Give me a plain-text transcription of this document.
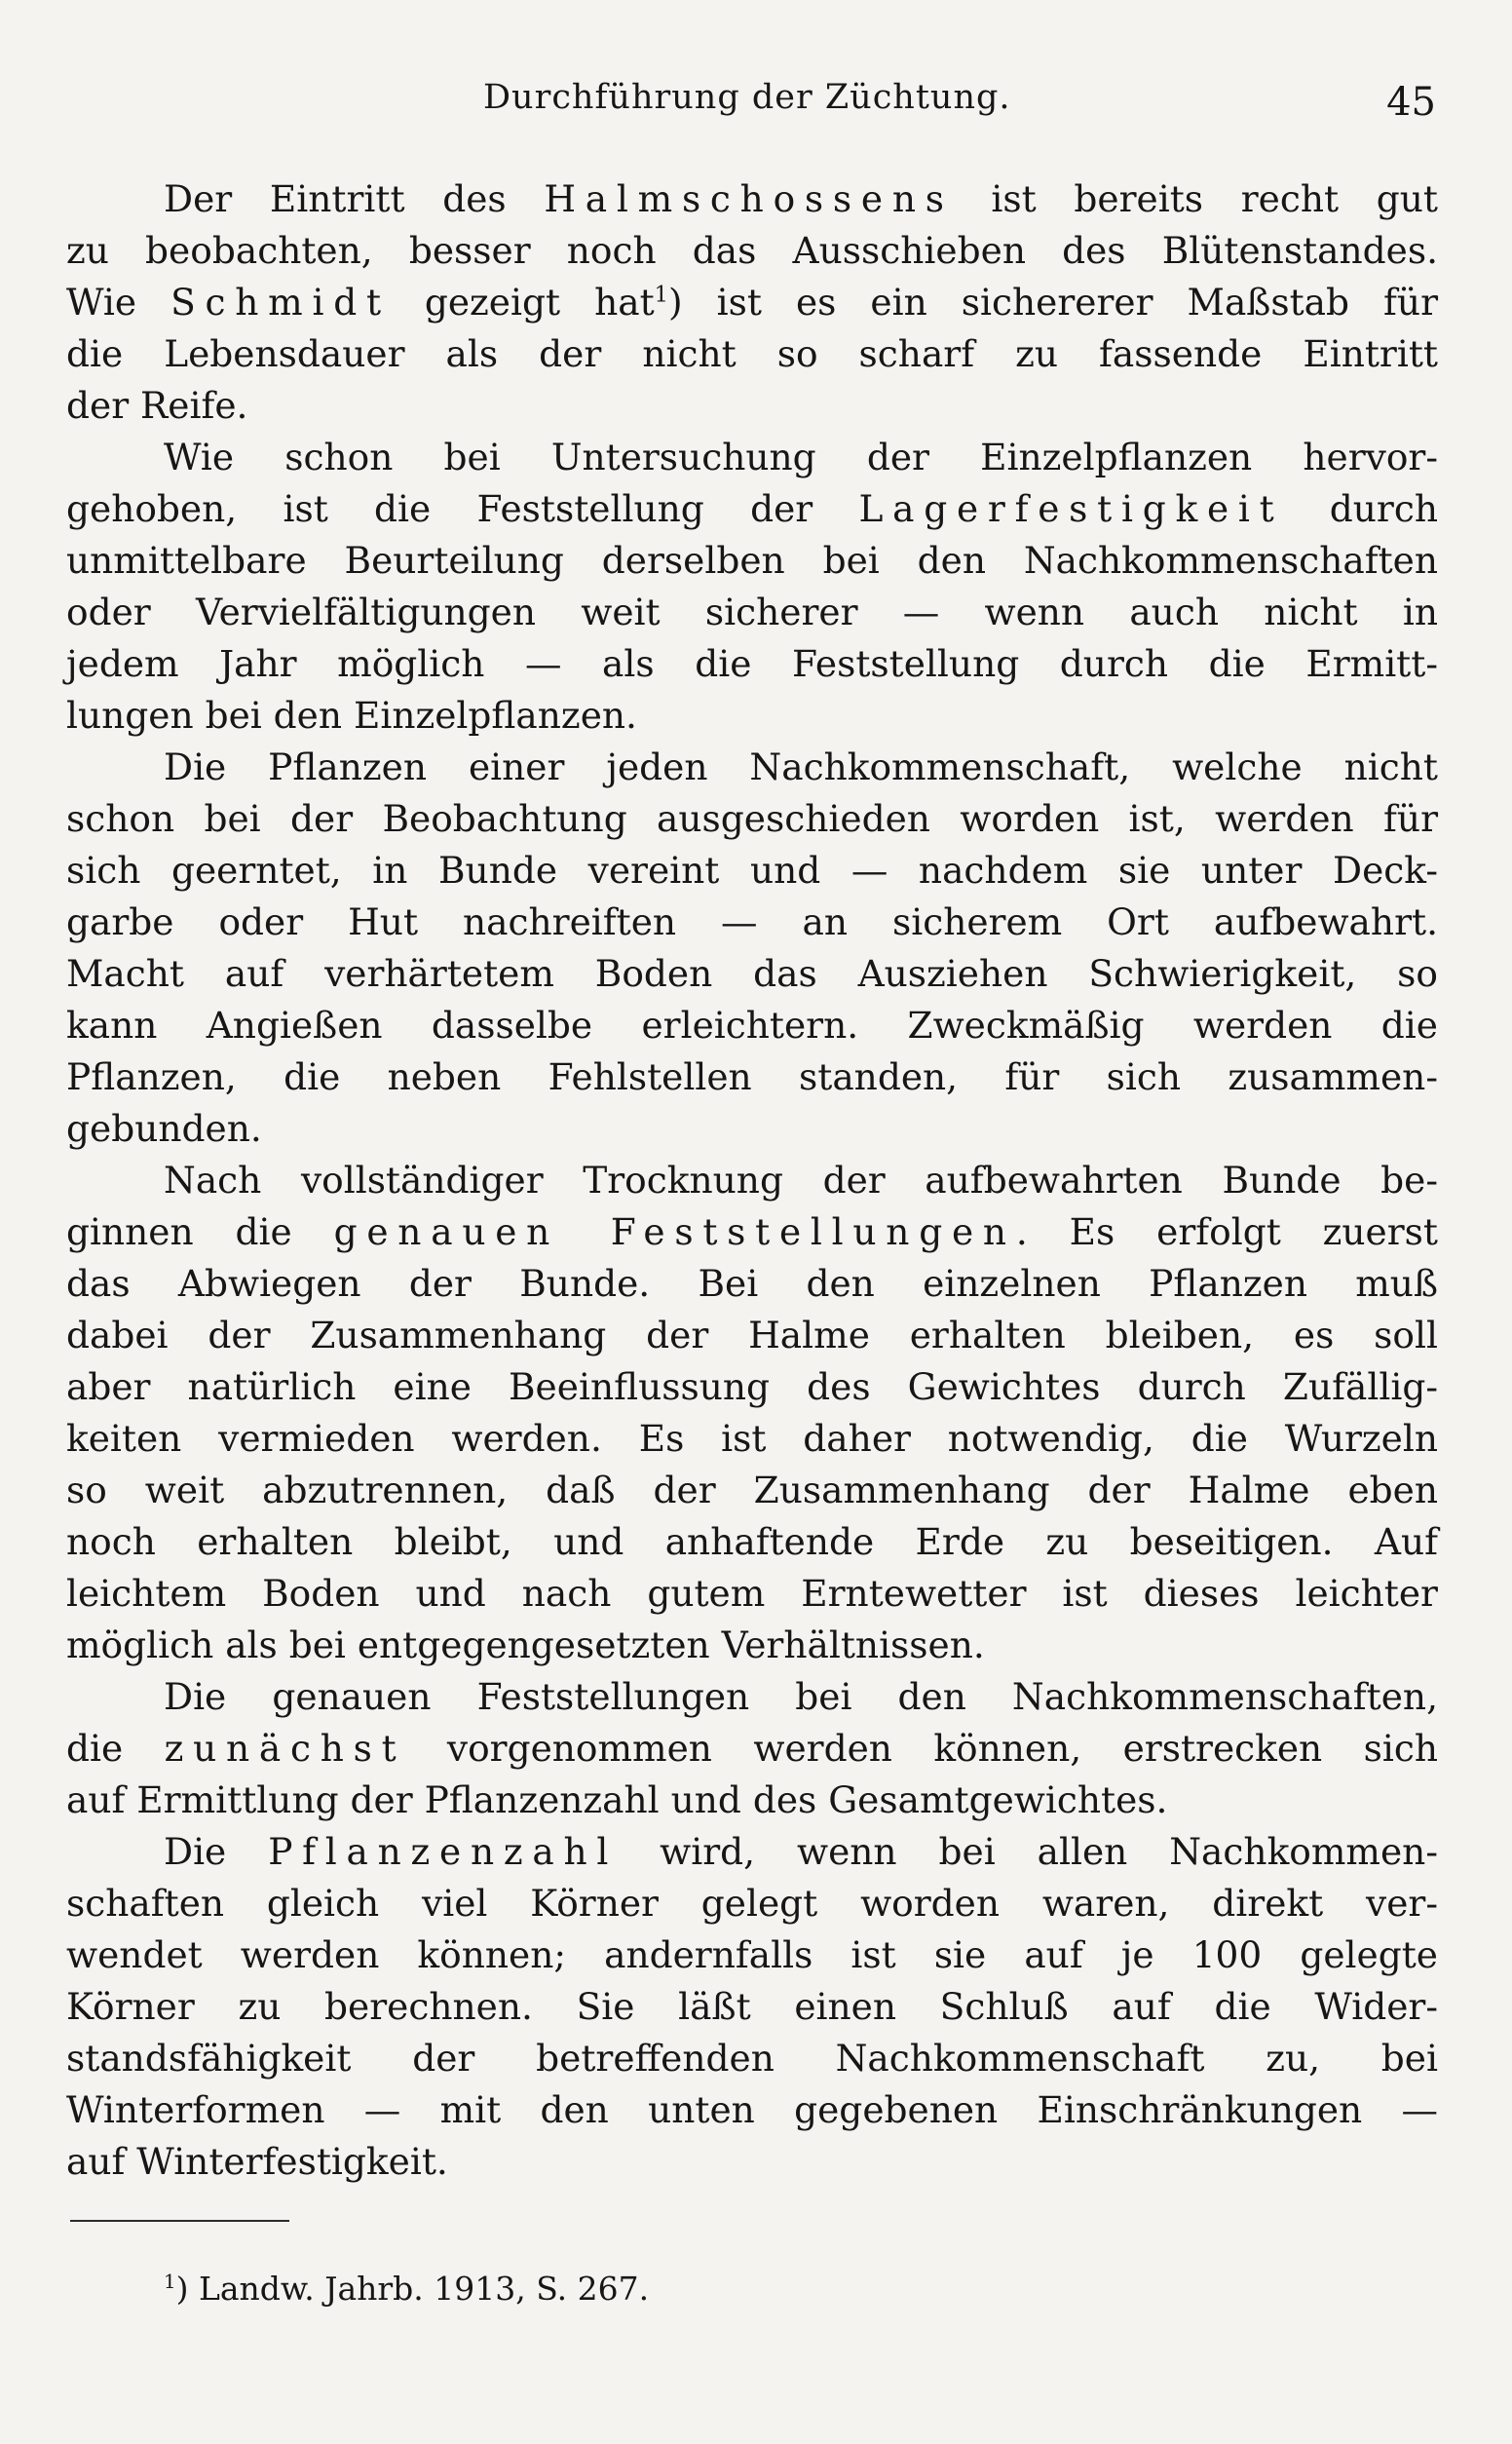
Durchführung der Züchtung.	45
Der Eintritt des Halmschossens ist bereits recht gut
zu beobachten, besser noch das Ausschieben des Blütenstandes.
Wie Schmidt gezeigt hat$^1$) ist es ein sichererer Maßstab für
die Lebensdauer als der nicht so scharf zu fassende Eintritt
der Reife.
Wie schon bei Untersuchung der Einzelpflanzen hervor-
gehoben, ist die Feststellung der Lagerfestigkeit durch
unmittelbare Beurteilung derselben bei den Nachkommenschaften
oder Vervielfältigungen weit sicherer — wenn auch nicht in
jedem Jahr möglich — als die Feststellung durch die Ermitt-
lungen bei den Einzelpflanzen.
Die Pflanzen einer jeden Nachkommenschaft, welche nicht
schon bei der Beobachtung ausgeschieden worden ist, werden für
sich geerntet, in Bunde vereint und — nachdem sie unter Deck-
garbe oder Hut nachreiften — an sicherem Ort aufbewahrt.
Macht auf verhärtetem Boden das Ausziehen Schwierigkeit, so
kann Angießen dasselbe erleichtern. Zweckmäßig werden die
Pflanzen, die neben Fehlstellen standen, für sich zusammen-
gebunden.
Nach vollständiger Trocknung der aufbewahrten Bunde be-
ginnen die genauen Feststellungen. Es erfolgt zuerst
das Abwiegen der Bunde. Bei den einzelnen Pflanzen muß
dabei der Zusammenhang der Halme erhalten bleiben, es soll
aber natürlich eine Beeinflussung des Gewichtes durch Zufällig-
keiten vermieden werden. Es ist daher notwendig, die Wurzeln
so weit abzutrennen, daß der Zusammenhang der Halme eben
noch erhalten bleibt, und anhaftende Erde zu beseitigen. Auf
leichtem Boden und nach gutem Erntewetter ist dieses leichter
möglich als bei entgegengesetzten Verhältnissen.
Die genauen Feststellungen bei den Nachkommenschaften,
die zunächst vorgenommen werden können, erstrecken sich
auf Ermittlung der Pflanzenzahl und des Gesamtgewichtes.
Die Pflanzenzahl wird, wenn bei allen Nachkommen-
schaften gleich viel Körner gelegt worden waren, direkt ver-
wendet werden können; andernfalls ist sie auf je 100 gelegte
Körner zu berechnen. Sie läßt einen Schluß auf die Wider-
standsfähigkeit der betreffenden Nachkommenschaft zu, bei
Winterformen — mit den unten gegebenen Einschränkungen —
auf Winterfestigkeit.
$^1$) Landw. Jahrb. 1913, S. 267.
